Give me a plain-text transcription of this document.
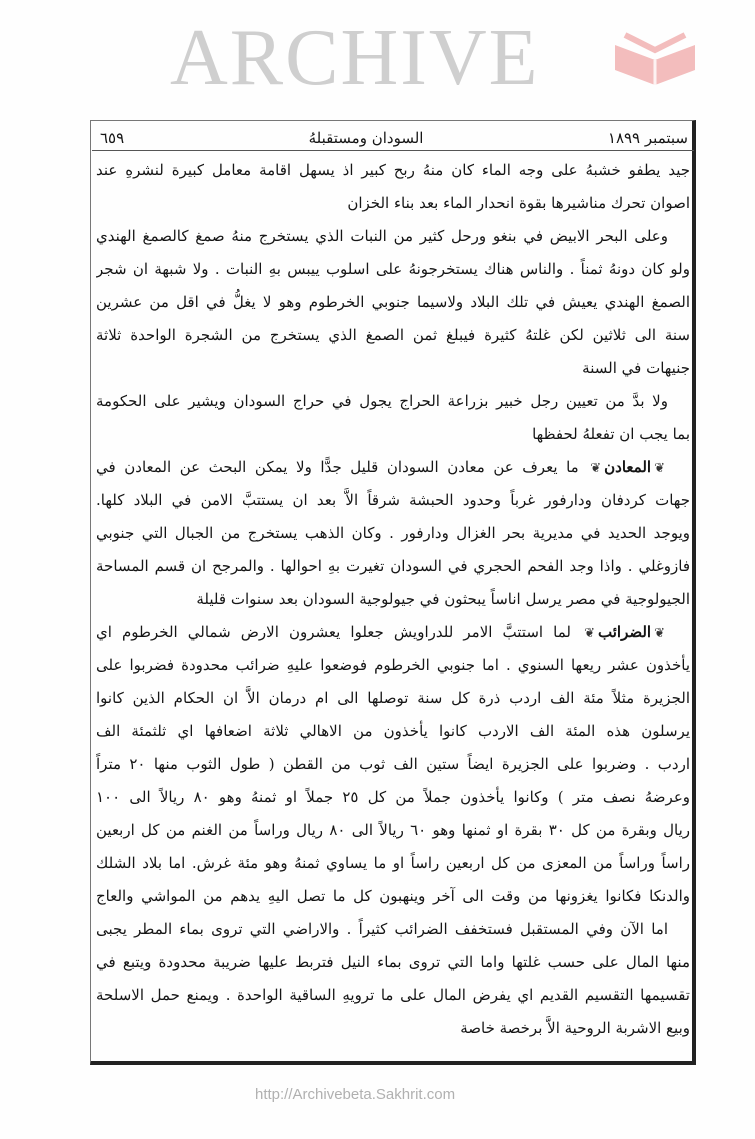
سبتمبر ١٨٩٩
السودان ومستقبلهُ
٦٥٩
جيد يطفو خشبهُ على وجه الماء كان منهُ ربح كبير اذ يسهل اقامة معامل كبيرة لنشرهِ عند
اصوان تحرك مناشيرها بقوة انحدار الماء بعد بناء الخزان
وعلى البحر الابيض في بنغو ورحل كثير من النبات الذي يستخرج منهُ صمغ كالصمغ الهندي
ولو كان دونهُ ثمناً . والناس هناك يستخرجونهُ على اسلوب ييبس بهِ النبات . ولا شبهة ان شجر
الصمغ الهندي يعيش في تلك البلاد ولاسيما جنوبي الخرطوم وهو لا يغلُّ في اقل من عشرين
سنة الى ثلاثين لكن غلتهُ كثيرة فيبلغ ثمن الصمغ الذي يستخرج من الشجرة الواحدة ثلاثة
جنيهات في السنة
ولا بدَّ من تعيين رجل خبير بزراعة الحراج يجول في حراج السودان ويشير على الحكومة
بما يجب ان تفعلهُ لحفظها
❦المعادن❦ ما يعرف عن معادن السودان قليل جدًّا ولا يمكن البحث عن المعادن في
جهات كردفان ودارفور غرباً وحدود الحبشة شرقاً الاَّ بعد ان يستتبَّ الامن في البلاد كلها.
ويوجد الحديد في مديرية بحر الغزال ودارفور . وكان الذهب يستخرج من الجبال التي جنوبي
فازوغلي . واذا وجد الفحم الحجري في السودان تغيرت بهِ احوالها . والمرجح ان قسم المساحة
الجيولوجية في مصر يرسل اناساً يبحثون في جيولوجية السودان بعد سنوات قليلة
❦الضرائب❦ لما استتبَّ الامر للدراويش جعلوا يعشرون الارض شمالي الخرطوم اي
يأخذون عشر ريعها السنوي . اما جنوبي الخرطوم فوضعوا عليهِ ضرائب محدودة فضربوا على
الجزيرة مثلاً مئة الف اردب ذرة كل سنة توصلها الى ام درمان الاَّ ان الحكام الذين كانوا
يرسلون هذه المئة الف الاردب كانوا يأخذون من الاهالي ثلاثة اضعافها اي ثلثمئة الف
اردب . وضربوا على الجزيرة ايضاً ستين الف ثوب من القطن ( طول الثوب منها ٢٠ متراً
وعرضهُ نصف متر ) وكانوا يأخذون جملاً من كل ٢٥ جملاً او ثمنهُ وهو ٨٠ ريالاً الى ١٠٠
ريال وبقرة من كل ٣٠ بقرة او ثمنها وهو ٦٠ ريالاً الى ٨٠ ريال وراساً من الغنم من كل اربعين
راساً وراساً من المعزى من كل اربعين راساً او ما يساوي ثمنهُ وهو مئة غرش. اما بلاد الشلك
والدنكا فكانوا يغزونها من وقت الى آخر وينهبون كل ما تصل اليهِ يدهم من المواشي والعاج
اما الآن وفي المستقبل فستخفف الضرائب كثيراً . والاراضي التي تروى بماء المطر يجبى
منها المال على حسب غلتها واما التي تروى بماء النيل فتربط عليها ضريبة محدودة ويتبع في
تقسيمها التقسيم القديم اي يفرض المال على ما ترويهِ الساقية الواحدة . ويمنع حمل الاسلحة
وبيع الاشربة الروحية الاَّ برخصة خاصة
ARCHIVE
http://Archivebeta.Sakhrit.com
